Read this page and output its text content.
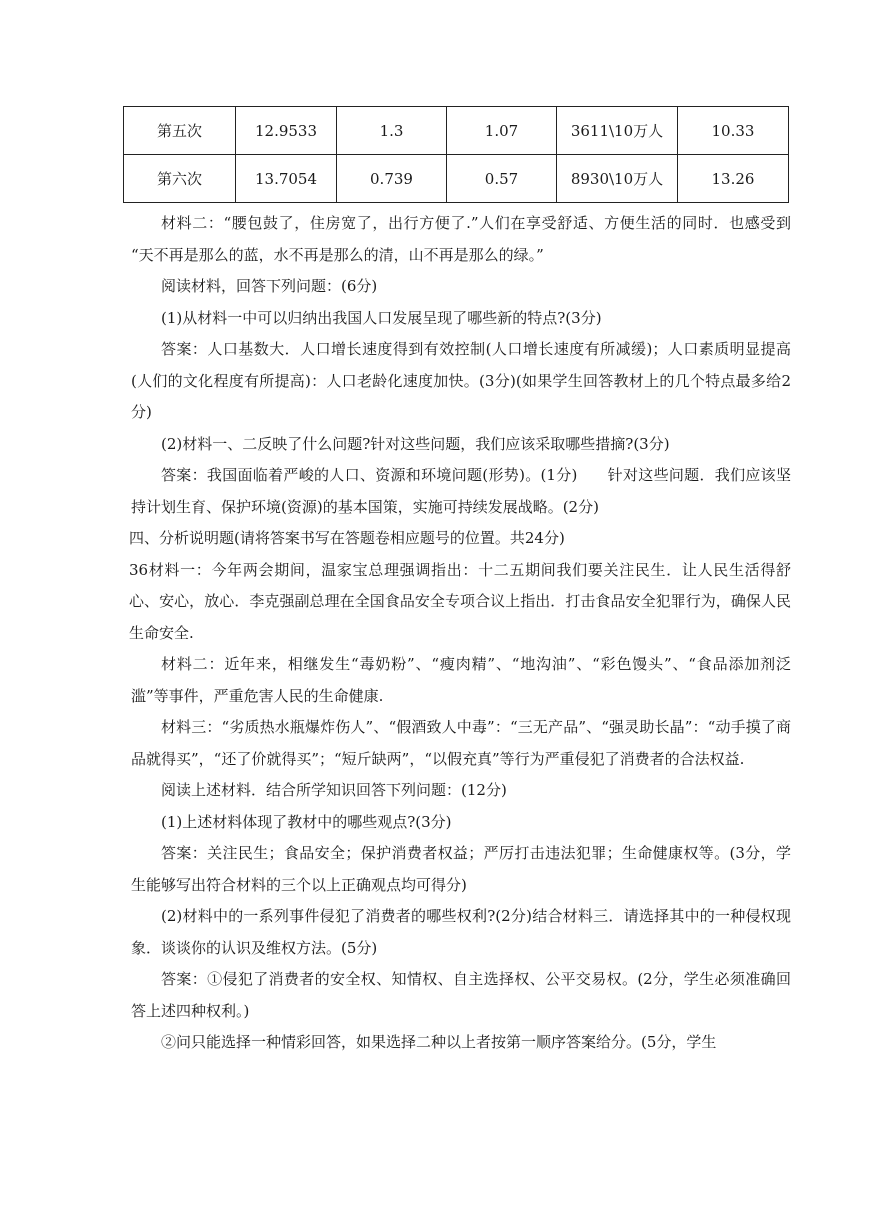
第五次	12.9533	1.3	1.07	3611\10万人	10.33
第六次	13.7054	0.739	0.57	8930\10万人	13.26

材料二：“腰包鼓了，住房宽了，出行方便了.”人们在享受舒适、方便生活的同时．也感受到 “天不再是那么的蓝，水不再是那么的清，山不再是那么的绿。”

阅读材料，回答下列问题：(6分)

(1)从材料一中可以归纳出我国人口发展呈现了哪些新的特点?(3分)

答案：人口基数大．人口增长速度得到有效控制(人口增长速度有所减缓)；人口素质明显提高(人们的文化程度有所提高)：人口老龄化速度加快。(3分)(如果学生回答教材上的几个特点最多给2分)

(2)材料一、二反映了什么问题?针对这些问题，我们应该采取哪些措摘?(3分)

答案：我国面临着严峻的人口、资源和环境问题(形势)。(1分) 针对这些问题．我们应该坚持计划生育、保护环境(资源)的基本国策，实施可持续发展战略。(2分)

四、分析说明题(请将答案书写在答题卷相应题号的位置。共24分)

36材料一：今年两会期间，温家宝总理强调指出：十二五期间我们要关注民生．让人民生活得舒心、安心，放心．李克强副总理在全国食品安全专项合议上指出．打击食品安全犯罪行为，确保人民生命安全.

材料二：近年来，相继发生“毒奶粉”、“瘦肉精”、“地沟油”、“彩色馒头”、“食品添加剂泛滥”等事件，严重危害人民的生命健康.

材料三：“劣质热水瓶爆炸伤人”、“假酒致人中毒”：“三无产品”、“强灵助长晶”：“动手摸了商品就得买”，“还了价就得买”；“短斤缺两”，“以假充真”等行为严重侵犯了消费者的合法权益.

阅读上述材料．结合所学知识回答下列问题：(12分)

(1)上述材料体现了教材中的哪些观点?(3分)

答案：关注民生；食品安全；保护消费者权益；严厉打击违法犯罪；生命健康权等。(3分，学生能够写出符合材料的三个以上正确观点均可得分)

(2)材料中的一系列事件侵犯了消费者的哪些权利?(2分)结合材料三．请选择其中的一种侵权现象．谈谈你的认识及维权方法。(5分)

答案：①侵犯了消费者的安全权、知情权、自主选择权、公平交易权。(2分，学生必须准确回答上述四种权利。)

②问只能选择一种情彩回答，如果选择二种以上者按第一顺序答案给分。(5分，学生
